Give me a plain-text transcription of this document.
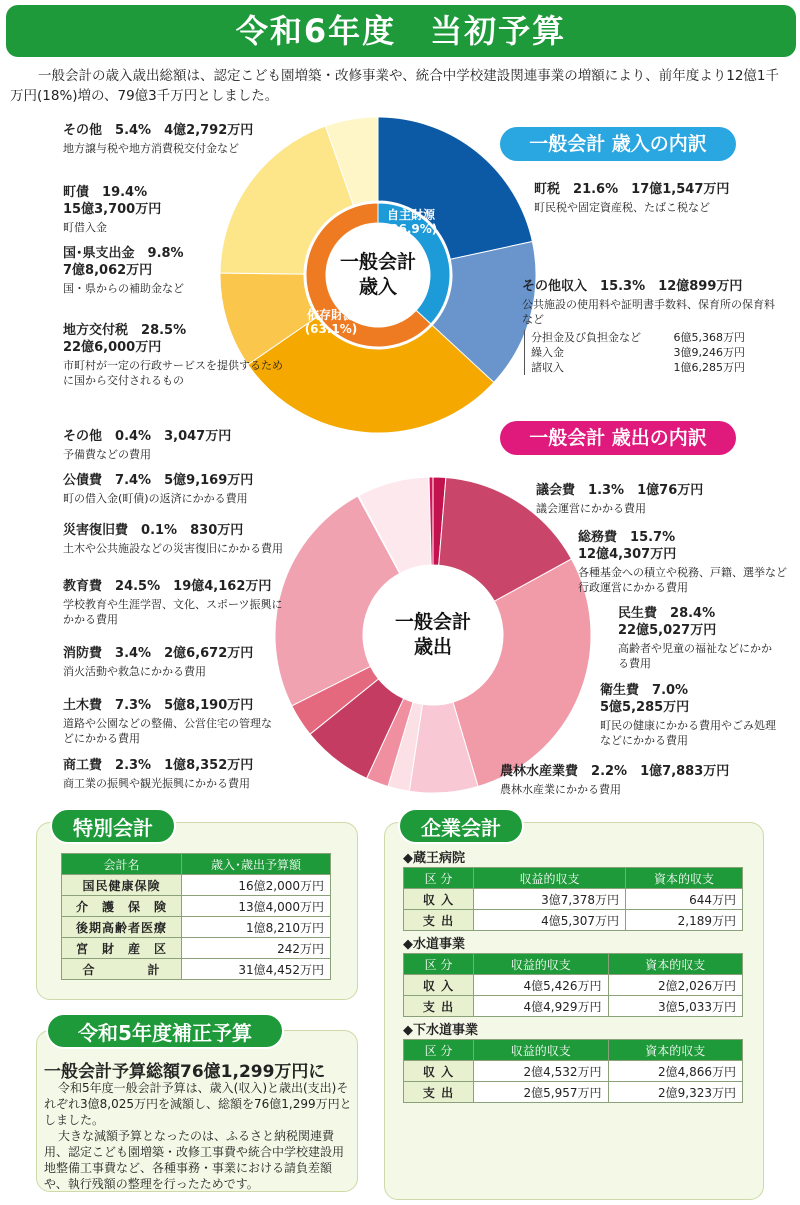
令和6年度　当初予算
一般会計の歳入歳出総額は、認定こども園増築・改修事業や、統合中学校建設関連事業の増額により、前年度より12億1千万円(18%)増の、79億3千万円としました。
一般会計 歳入の内訳
一般会計
歳入
自主財源
(36.9%)
依存財源
(63.1%)
その他　 5.4%　 4億2,792万円
地方譲与税や地方消費税交付金など
町債　 19.4%
15億3,700万円
町借入金
国･県支出金　 9.8%
7億8,062万円
国・県からの補助金など
地方交付税　 28.5%
22億6,000万円
市町村が一定の行政サービスを提供するために国から交付されるもの
町税　 21.6%　 17億1,547万円
町民税や固定資産税、たばこ税など
その他収入　 15.3%　 12億899万円
公共施設の使用料や証明書手数料、保育所の保育料など
分担金及び負担金など	6億5,368万円
繰入金	3億9,246万円
諸収入	1億6,285万円
一般会計 歳出の内訳
一般会計
歳出
その他　 0.4%　 3,047万円
予備費などの費用
公債費　 7.4%　 5億9,169万円
町の借入金(町債)の返済にかかる費用
災害復旧費　 0.1%　 830万円
土木や公共施設などの災害復旧にかかる費用
教育費　 24.5%　 19億4,162万円
学校教育や生涯学習、文化、スポーツ振興にかかる費用
消防費　 3.4%　 2億6,672万円
消火活動や救急にかかる費用
土木費　 7.3%　 5億8,190万円
道路や公園などの整備、公営住宅の管理などにかかる費用
商工費　 2.3%　 1億8,352万円
商工業の振興や観光振興にかかる費用
議会費　 1.3%　 1億76万円
議会運営にかかる費用
総務費　 15.7%
12億4,307万円
各種基金への積立や税務、戸籍、選挙など行政運営にかかる費用
民生費　 28.4%
22億5,027万円
高齢者や児童の福祉などにかかる費用
衛生費　 7.0%
5億5,285万円
町民の健康にかかる費用やごみ処理などにかかる費用
農林水産業費　 2.2%　 1億7,883万円
農林水産業にかかる費用
会計名	歳入･歳出予算額
国民健康保険	16億2,000万円
介　護　保　険	13億4,000万円
後期高齢者医療	1億8,210万円
宮　財　産　区	242万円
合　　　　計	31億4,452万円
特別会計
令和5年度補正予算
一般会計予算総額76億1,299万円に

令和5年度一般会計予算は、歳入(収入)と歳出(支出)それぞれ3億8,025万円を減額し、総額を76億1,299万円としました。

大きな減額予算となったのは、ふるさと納税関連費用、認定こども園増築・改修工事費や統合中学校建設用地整備工事費など、各種事務・事業における請負差額や、執行残額の整理を行ったためです。

◆蔵王病院
区 分	収益的収支	資本的収支
収 入	3億7,378万円	644万円
支 出	4億5,307万円	2,189万円
◆水道事業
区 分	収益的収支	資本的収支
収 入	4億5,426万円	2億2,026万円
支 出	4億4,929万円	3億5,033万円
◆下水道事業
区 分	収益的収支	資本的収支
収 入	2億4,532万円	2億4,866万円
支 出	2億5,957万円	2億9,323万円
企業会計
